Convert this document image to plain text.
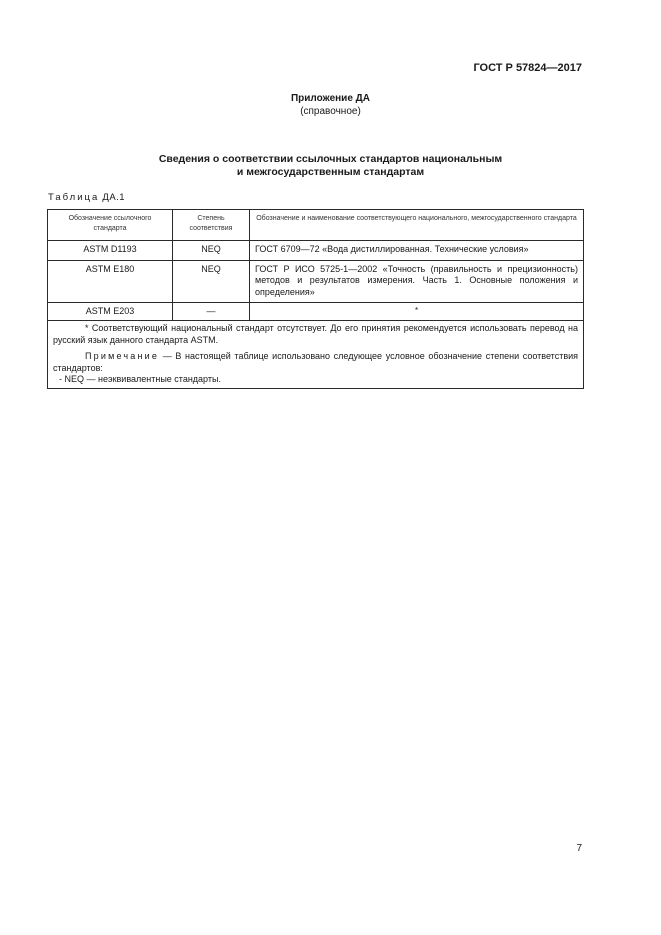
ГОСТ Р 57824—2017
Приложение ДА
(справочное)
Сведения о соответствии ссылочных стандартов национальным
и межгосударственным стандартам
Таблица ДА.1
Обозначение ссылочного стандарта	Степень соответствия	Обозначение и наименование соответствующего национального, межгосударственного стандарта
ASTM D1193	NEQ	ГОСТ 6709—72 «Вода дистиллированная. Технические условия»
ASTM E180	NEQ	ГОСТ Р ИСО 5725-1—2002 «Точность (правильность и прецизионность) методов и результатов измерения. Часть 1. Основные положения и определения»
ASTM E203	—	*

* Соответствующий национальный стандарт отсутствует. До его принятия рекомендуется использовать перевод на русский язык данного стандарта ASTM.

Примечание — В настоящей таблице использовано следующее условное обозначение степени соответствия стандартов:

- NEQ — неэквивалентные стандарты.		

7
